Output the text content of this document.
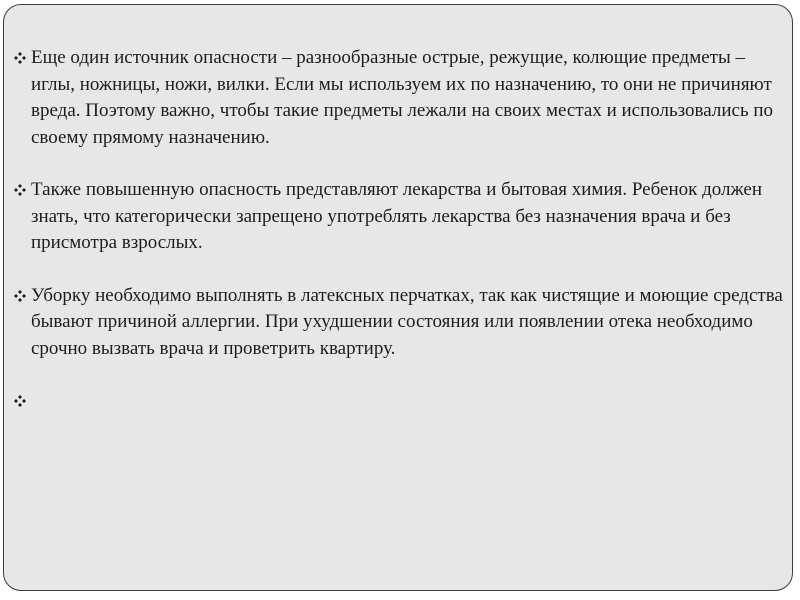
Еще один источник опасности – разнообразные острые, режущие, колющие предметы – иглы, ножницы, ножи, вилки. Если мы используем их по назначению, то они не причиняют вреда. Поэтому важно, чтобы такие предметы лежали на своих местах и использовались по своему прямому назначению.
Также повышенную опасность представляют лекарства и бытовая химия. Ребенок должен знать, что категорически запрещено употреблять лекарства без назначения врача и без присмотра взрослых.
Уборку необходимо выполнять в латексных перчатках, так как чистящие и моющие средства бывают причиной аллергии. При ухудшении состояния или появлении отека необходимо срочно вызвать врача и проветрить квартиру.
